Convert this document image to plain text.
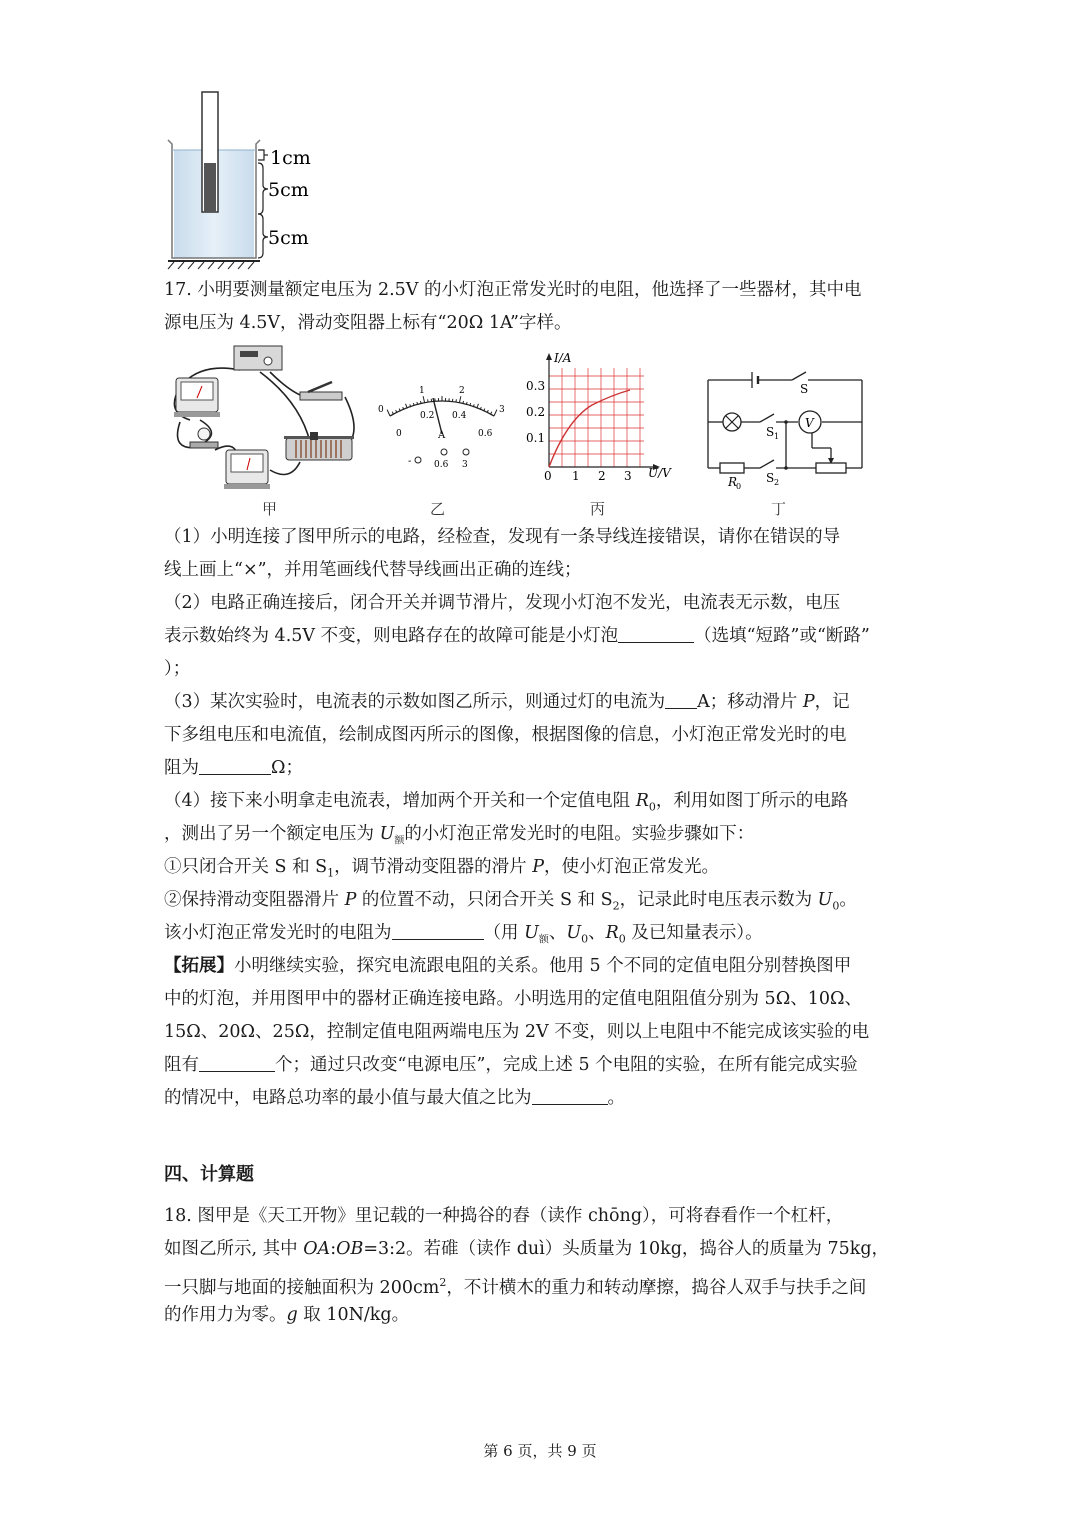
1cm
5cm
5cm

17. 小明要测量额定电压为 2.5V 的小灯泡正常发光时的电阻，他选择了一些器材，其中电

源电压为 4.5V，滑动变阻器上标有“20Ω 1A”字样。

甲
0
1	2
3
0
0.2 0.4
0.6
A
-	0.6 3
乙
I/A
U/V
0.3
0.2
0.1
0 1 2 3
丙
V
S
S 1
S 2
R
0
丁

（1）小明连接了图甲所示的电路，经检查，发现有一条导线连接错误，请你在错误的导

线上画上“×”，并用笔画线代替导线画出正确的连线；

（2）电路正确连接后，闭合开关并调节滑片，发现小灯泡不发光，电流表无示数，电压

表示数始终为 4.5V 不变，则电路存在的故障可能是小灯泡	（选填“短路”或“断路”

）；

（3）某次实验时，电流表的示数如图乙所示，则通过灯的电流为 A；移动滑片 P，记

下多组电压和电流值，绘制成图丙所示的图像，根据图像的信息，小灯泡正常发光时的电

阻为	Ω；

（4）接下来小明拿走电流表，增加两个开关和一个定值电阻 $R_0$，利用如图丁所示的电路

，测出了另一个额定电压为 $U_额$的小灯泡正常发光时的电阻。实验步骤如下：

①只闭合开关 S 和 $S_1$，调节滑动变阻器的滑片 P，使小灯泡正常发光。

②保持滑动变阻器滑片 P 的位置不动，只闭合开关 S 和 $S_2$，记录此时电压表示数为 $U_0$。

该小灯泡正常发光时的电阻为	（用 $U_额$、$U_0$、$R_0$ 及已知量表示）。

【拓展】小明继续实验，探究电流跟电阻的关系。他用 5 个不同的定值电阻分别替换图甲

中的灯泡，并用图甲中的器材正确连接电路。小明选用的定值电阻阻值分别为 5Ω、10Ω、

15Ω、20Ω、25Ω，控制定值电阻两端电压为 2V 不变，则以上电阻中不能完成该实验的电

阻有	个；通过只改变“电源电压”，完成上述 5 个电阻的实验，在所有能完成实验

的情况中，电路总功率的最小值与最大值之比为	。

四、计算题

18. 图甲是《天工开物》里记载的一种捣谷的舂（读作 chōng），可将舂看作一个杠杆，

如图乙所示, 其中 OA:OB=3:2。若碓（读作 duì）头质量为 10kg，捣谷人的质量为 75kg，

一只脚与地面的接触面积为 $200cm^2$，不计横木的重力和转动摩擦，捣谷人双手与扶手之间

的作用力为零。g 取 10N/kg。

第 6 页，共 9 页
